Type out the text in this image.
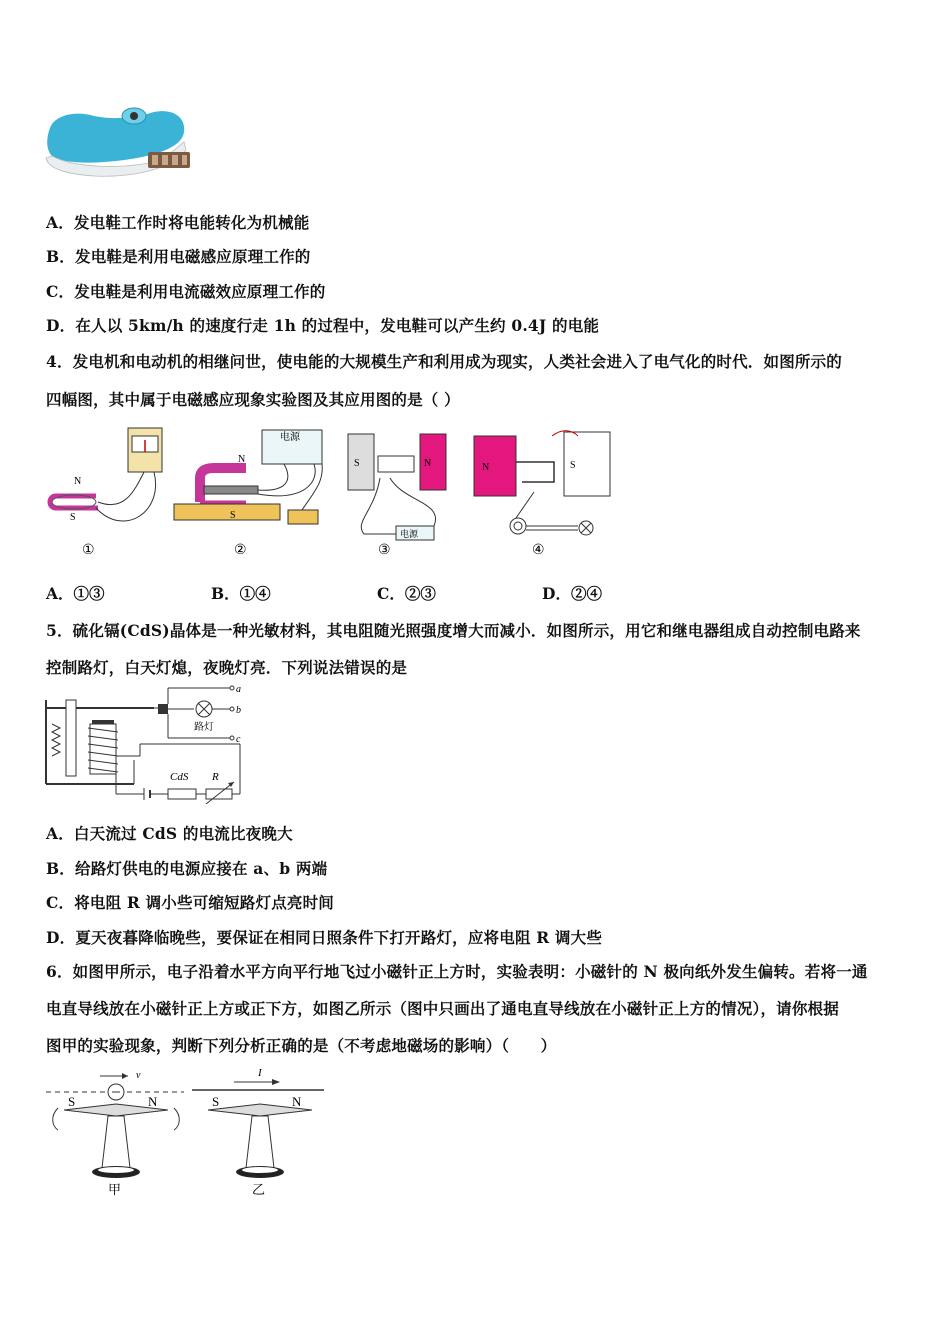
A．发电鞋工作时将电能转化为机械能
B．发电鞋是利用电磁感应原理工作的
C．发电鞋是利用电流磁效应原理工作的
D．在人以 5km/h 的速度行走 1h 的过程中，发电鞋可以产生约 0.4J 的电能
4．发电机和电动机的相继问世，使电能的大规模生产和利用成为现实，人类社会进入了电气化的时代．如图所示的
四幅图，其中属于电磁感应现象实验图及其应用图的是（ ）
N
S
N
S
电源
S	N
电源
N	S
①	②	③	④
A．①③	B．①④	C．②③	D．②④
5．硫化镉(CdS)晶体是一种光敏材料，其电阻随光照强度增大而减小．如图所示，用它和继电器组成自动控制电路来
控制路灯，白天灯熄，夜晚灯亮．下列说法错误的是
a
b
c
路灯
CdS R
A．白天流过 CdS 的电流比夜晚大
B．给路灯供电的电源应接在 a、b 两端
C．将电阻 R 调小些可缩短路灯点亮时间
D．夏天夜暮降临晚些，要保证在相同日照条件下打开路灯，应将电阻 R 调大些
6．如图甲所示，电子沿着水平方向平行地飞过小磁针正上方时，实验表明：小磁针的 N 极向纸外发生偏转。若将一通
电直导线放在小磁针正上方或正下方，如图乙所示（图中只画出了通电直导线放在小磁针正上方的情况），请你根据
图甲的实验现象，判断下列分析正确的是（不考虑地磁场的影响）（　　）
v
S	N
甲
I
S	N
乙
